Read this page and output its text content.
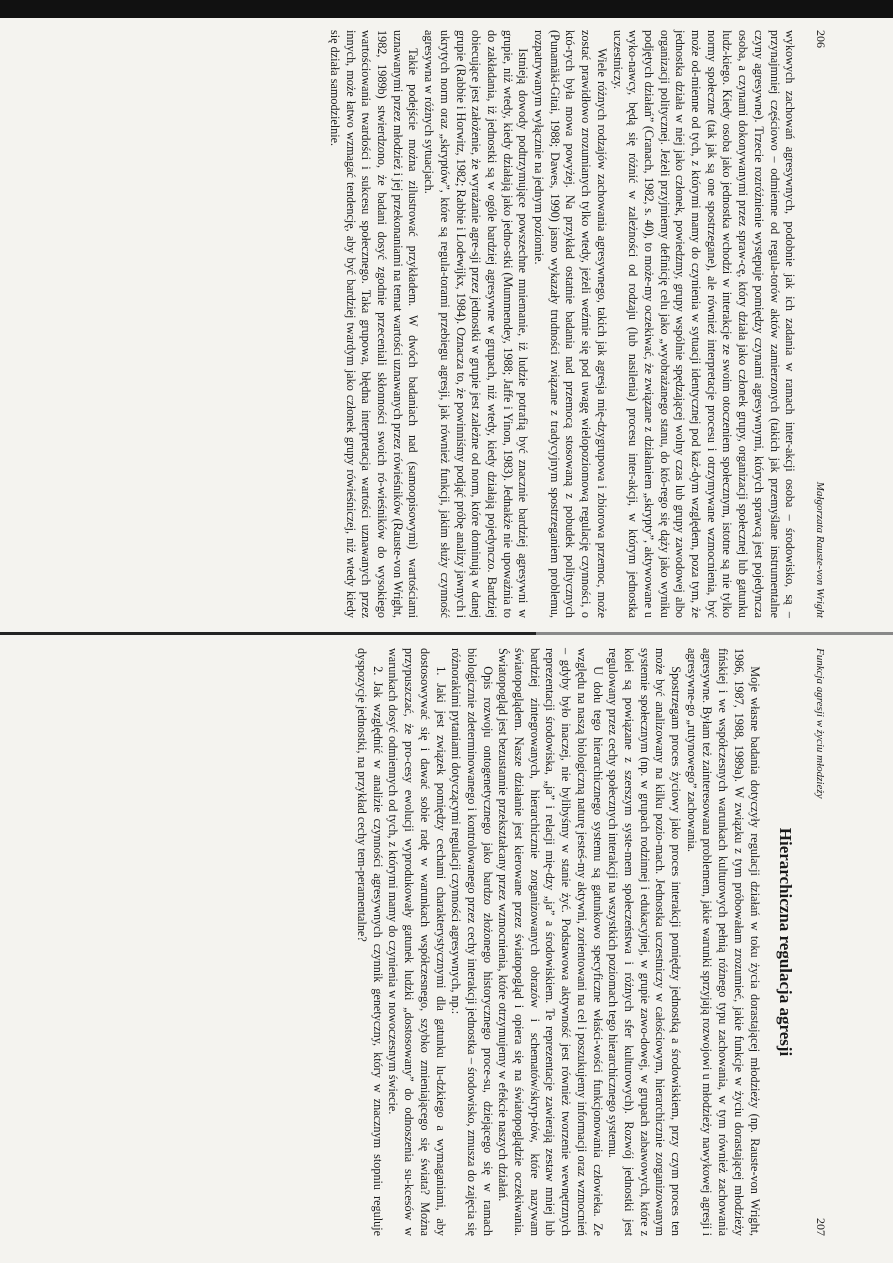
206
Małgorzata Rauste-von Wright

wykowych zachowań agresywnych, podobnie jak ich zadania w ramach inter-akcji osoba – środowisko, są – przynajmniej częściowo – odmienne od regula-torów aktów zamierzonych (takich jak przemyślane instrumentalne czyny agresywne). Trzecie rozróżnienie występuje pomiędzy czynami agresywnymi, których sprawcą jest pojedyncza osoba, a czynami dokonywanymi przez spraw-cę, który działa jako członek grupy, organizacji społecznej lub gatunku ludz-kiego. Kiedy osoba jako jednostka wchodzi w interakcje ze swoim otoczeniem społecznym, istotne są nie tylko normy społeczne (tak jak są one spostrzegane), ale również interpretacje procesu i otrzymywane wzmocnienia, być może od-mienne od tych, z którymi mamy do czynienia w sytuacji identycznej pod każ-dym względem, poza tym, że jednostka działa w niej jako członek, powiedzmy, grupy wspólnie spędzającej wolny czas lub grupy zawodowej albo organizacji politycznej. Jeżeli przyjmiemy definicję celu jako „wyobrażanego stanu, do któ-rego się dąży jako wyniku podjętych działań” (Cranach, 1982, s. 40), to może-my oczekiwać, że związane z działaniem „skrypty”, aktywowane u wyko-nawcy, będą się różnić w zależności od rodzaju (lub nasilenia) procesu inter-akcji, w którym jednostka uczestniczy.

Wiele różnych rodzajów zachowania agresywnego, takich jak agresja mię-dzygrupowa i zbiorowa przemoc, może zostać prawidłowo zrozumianych tylko wtedy, jeżeli weźmie się pod uwagę wielopoziomową regulację czynności, o któ-rych była mowa powyżej. Na przykład ostatnie badania nad przemocą stosowaną z pobudek politycznych (Punamäki-Gitai, 1988; Dawes, 1990) jasno wykazały trudności związane z tradycyjnym spostrzeganiem problemu, rozpatrywanym wyłącznie na jednym poziomie.

Istnieją dowody podtrzymujące powszechne mniemanie, iż ludzie potrafią być znacznie bardziej agresywni w grupie, niż wtedy, kiedy działają jako jedno-stki (Mummendey, 1988; Jaffe i Yinon, 1983). Jednakże nie upoważnia to do zakładania, iż jednostki są w ogóle bardziej agresywne w grupach, niż wtedy, kiedy działają pojedynczo. Bardziej obiecujące jest założenie, że wyrażanie agre-sji przez jednostki w grupie jest zależne od norm, które dominują w danej grupie (Rabbie i Horwitz, 1982; Rabbie i Lodewijkx, 1984). Oznacza to, że powinniśmy podjąć próbę analizy jawnych i ukrytych norm oraz „skryptów”, które są regula-torami przebiegu agresji, jak również funkcji, jakim służy czynność agresywna w różnych sytuacjach.

Takie podejście można zilustrować przykładem. W dwóch badaniach nad (samoopisowymi) wartościami uznawanymi przez młodzież i jej przekonaniami na temat wartości uznawanych przez rówieśników (Rauste-von Wright, 1982, 1989b) stwierdzono, że badani dosyć zgodnie przeceniali skłonności swoich ró-wieśników do wysokiego wartościowania twardości i sukcesu społecznego. Taka grupowa, błędna interpretacja wartości uznawanych przez innych, może łatwo wzmagać tendencję, aby być bardziej twardym jako członek grupy rówieśniczej, niż wtedy kiedy się działa samodzielnie.

Funkcja agresji w życiu młodzieży
207
Hierarchiczna regulacja agresji

Moje własne badania dotyczyły regulacji działań w toku życia dorastającej młodzieży (np. Rauste-von Wright, 1986, 1987, 1988, 1989a). W związku z tym próbowałam zrozumieć, jakie funkcje w życiu dorastającej młodzieży fińskiej i we współczesnych warunkach kulturowych pełnią różnego typu zachowania, w tym również zachowania agresywne. Byłam też zainteresowana problemem, jakie warunki sprzyjają rozwojowi u młodzieży nawykowej agresji i agresywne-go „rutynowego” zachowania.

Spostrzegam proces życiowy jako proces interakcji pomiędzy jednostką a środowiskiem, przy czym proces ten może być analizowany na kilku pozio-mach. Jednostka uczestniczy w całościowym, hierarchicznie zorganizowanym systemie społecznym (np. w grupach rodzinnej i edukacyjnej, w grupie zawo-dowej, w grupach zabawowych, które z kolei są powiązane z szerszym syste-mem społeczeństwa i różnych sfer kulturowych). Rozwój jednostki jest regulowany przez cechy społecznych interakcji na wszystkich poziomach tego hierarchicznego systemu.

U dołu tego hierarchicznego systemu są gatunkowo specyficzne właści-wości funkcjonowania człowieka. Ze względu na naszą biologiczną naturę jesteś-my aktywni, zorientowani na cel i poszukujemy informacji oraz wzmocnień – gdyby było inaczej, nie bylibyśmy w stanie żyć. Podstawowa aktywność jest również tworzenie wewnętrznych reprezentacji środowiska, „ja” i relacji mię-dzy „ja” a środowiskiem. Te reprezentacje zawierają zestaw mniej lub bardziej zintegrowanych, hierarchicznie zorganizowanych obrazów i schematów/skryp-tów, które nazywam światopoglądem. Nasze działanie jest kierowane przez światopogląd i opiera się na światopoglądzie oczekiwania. Światopogląd jest bezustannie przekształcany przez wzmocnienia, które otrzymujemy w efekcie naszych działań.

Opis rozwoju ontogenetycznego jako bardzo złożonego historycznego proce-su, dziejącego się w ramach biologicznie zdeterminowanego i kontrolowanego przez cechy interakcji jednostka – środowisko, zmusza do zajęcia się różnorakimi pytaniami dotyczącymi regulacji czynności agresywnych, np.:

1. Jaki jest związek pomiędzy cechami charakterystycznymi dla gatunku lu-dzkiego a wymaganiami, aby dostosowywać się i dawać sobie radę w warunkach współczesnego, szybko zmieniającego się świata? Można przypuszczać, że pro-cesy ewolucji wyprodukowały gatunek ludzki „dostosowany” do odnoszenia su-kcesów w warunkach dosyć odmiennych od tych, z którymi mamy do czynienia w nowoczesnym świecie.

2. Jak względnić w analizie czynności agresywnych czynnik genetyczny, który w znacznym stopniu reguluje dyspozycje jednostki, na przykład cechy tem-peramentalne?
